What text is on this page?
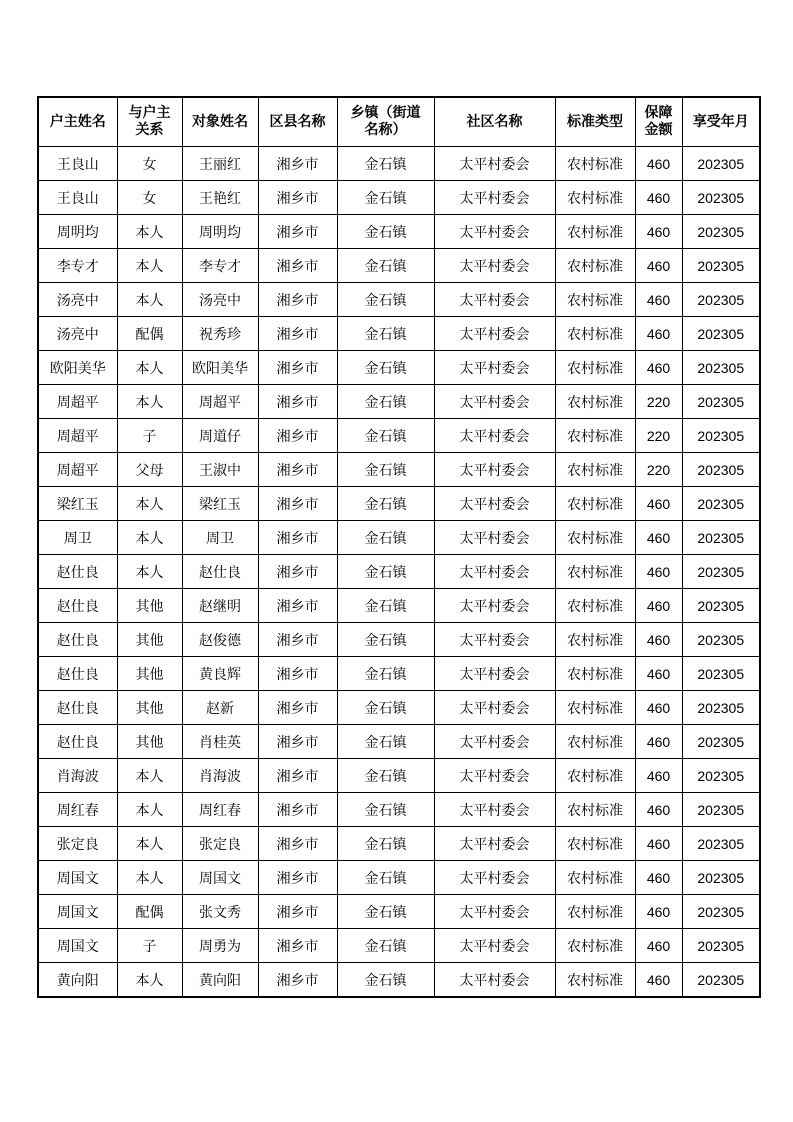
户主姓名	与户主关系	对象姓名	区县名称	乡镇（街道名称）	社区名称	标准类型	保障金额	享受年月
王良山	女	王丽红	湘乡市	金石镇	太平村委会	农村标准	460	202305
王良山	女	王艳红	湘乡市	金石镇	太平村委会	农村标准	460	202305
周明均	本人	周明均	湘乡市	金石镇	太平村委会	农村标准	460	202305
李专才	本人	李专才	湘乡市	金石镇	太平村委会	农村标准	460	202305
汤亮中	本人	汤亮中	湘乡市	金石镇	太平村委会	农村标准	460	202305
汤亮中	配偶	祝秀珍	湘乡市	金石镇	太平村委会	农村标准	460	202305
欧阳美华	本人	欧阳美华	湘乡市	金石镇	太平村委会	农村标准	460	202305
周超平	本人	周超平	湘乡市	金石镇	太平村委会	农村标准	220	202305
周超平	子	周道仔	湘乡市	金石镇	太平村委会	农村标准	220	202305
周超平	父母	王淑中	湘乡市	金石镇	太平村委会	农村标准	220	202305
梁红玉	本人	梁红玉	湘乡市	金石镇	太平村委会	农村标准	460	202305
周卫	本人	周卫	湘乡市	金石镇	太平村委会	农村标准	460	202305
赵仕良	本人	赵仕良	湘乡市	金石镇	太平村委会	农村标准	460	202305
赵仕良	其他	赵继明	湘乡市	金石镇	太平村委会	农村标准	460	202305
赵仕良	其他	赵俊德	湘乡市	金石镇	太平村委会	农村标准	460	202305
赵仕良	其他	黄良辉	湘乡市	金石镇	太平村委会	农村标准	460	202305
赵仕良	其他	赵新	湘乡市	金石镇	太平村委会	农村标准	460	202305
赵仕良	其他	肖桂英	湘乡市	金石镇	太平村委会	农村标准	460	202305
肖海波	本人	肖海波	湘乡市	金石镇	太平村委会	农村标准	460	202305
周红春	本人	周红春	湘乡市	金石镇	太平村委会	农村标准	460	202305
张定良	本人	张定良	湘乡市	金石镇	太平村委会	农村标准	460	202305
周国文	本人	周国文	湘乡市	金石镇	太平村委会	农村标准	460	202305
周国文	配偶	张文秀	湘乡市	金石镇	太平村委会	农村标准	460	202305
周国文	子	周勇为	湘乡市	金石镇	太平村委会	农村标准	460	202305
黄向阳	本人	黄向阳	湘乡市	金石镇	太平村委会	农村标准	460	202305
